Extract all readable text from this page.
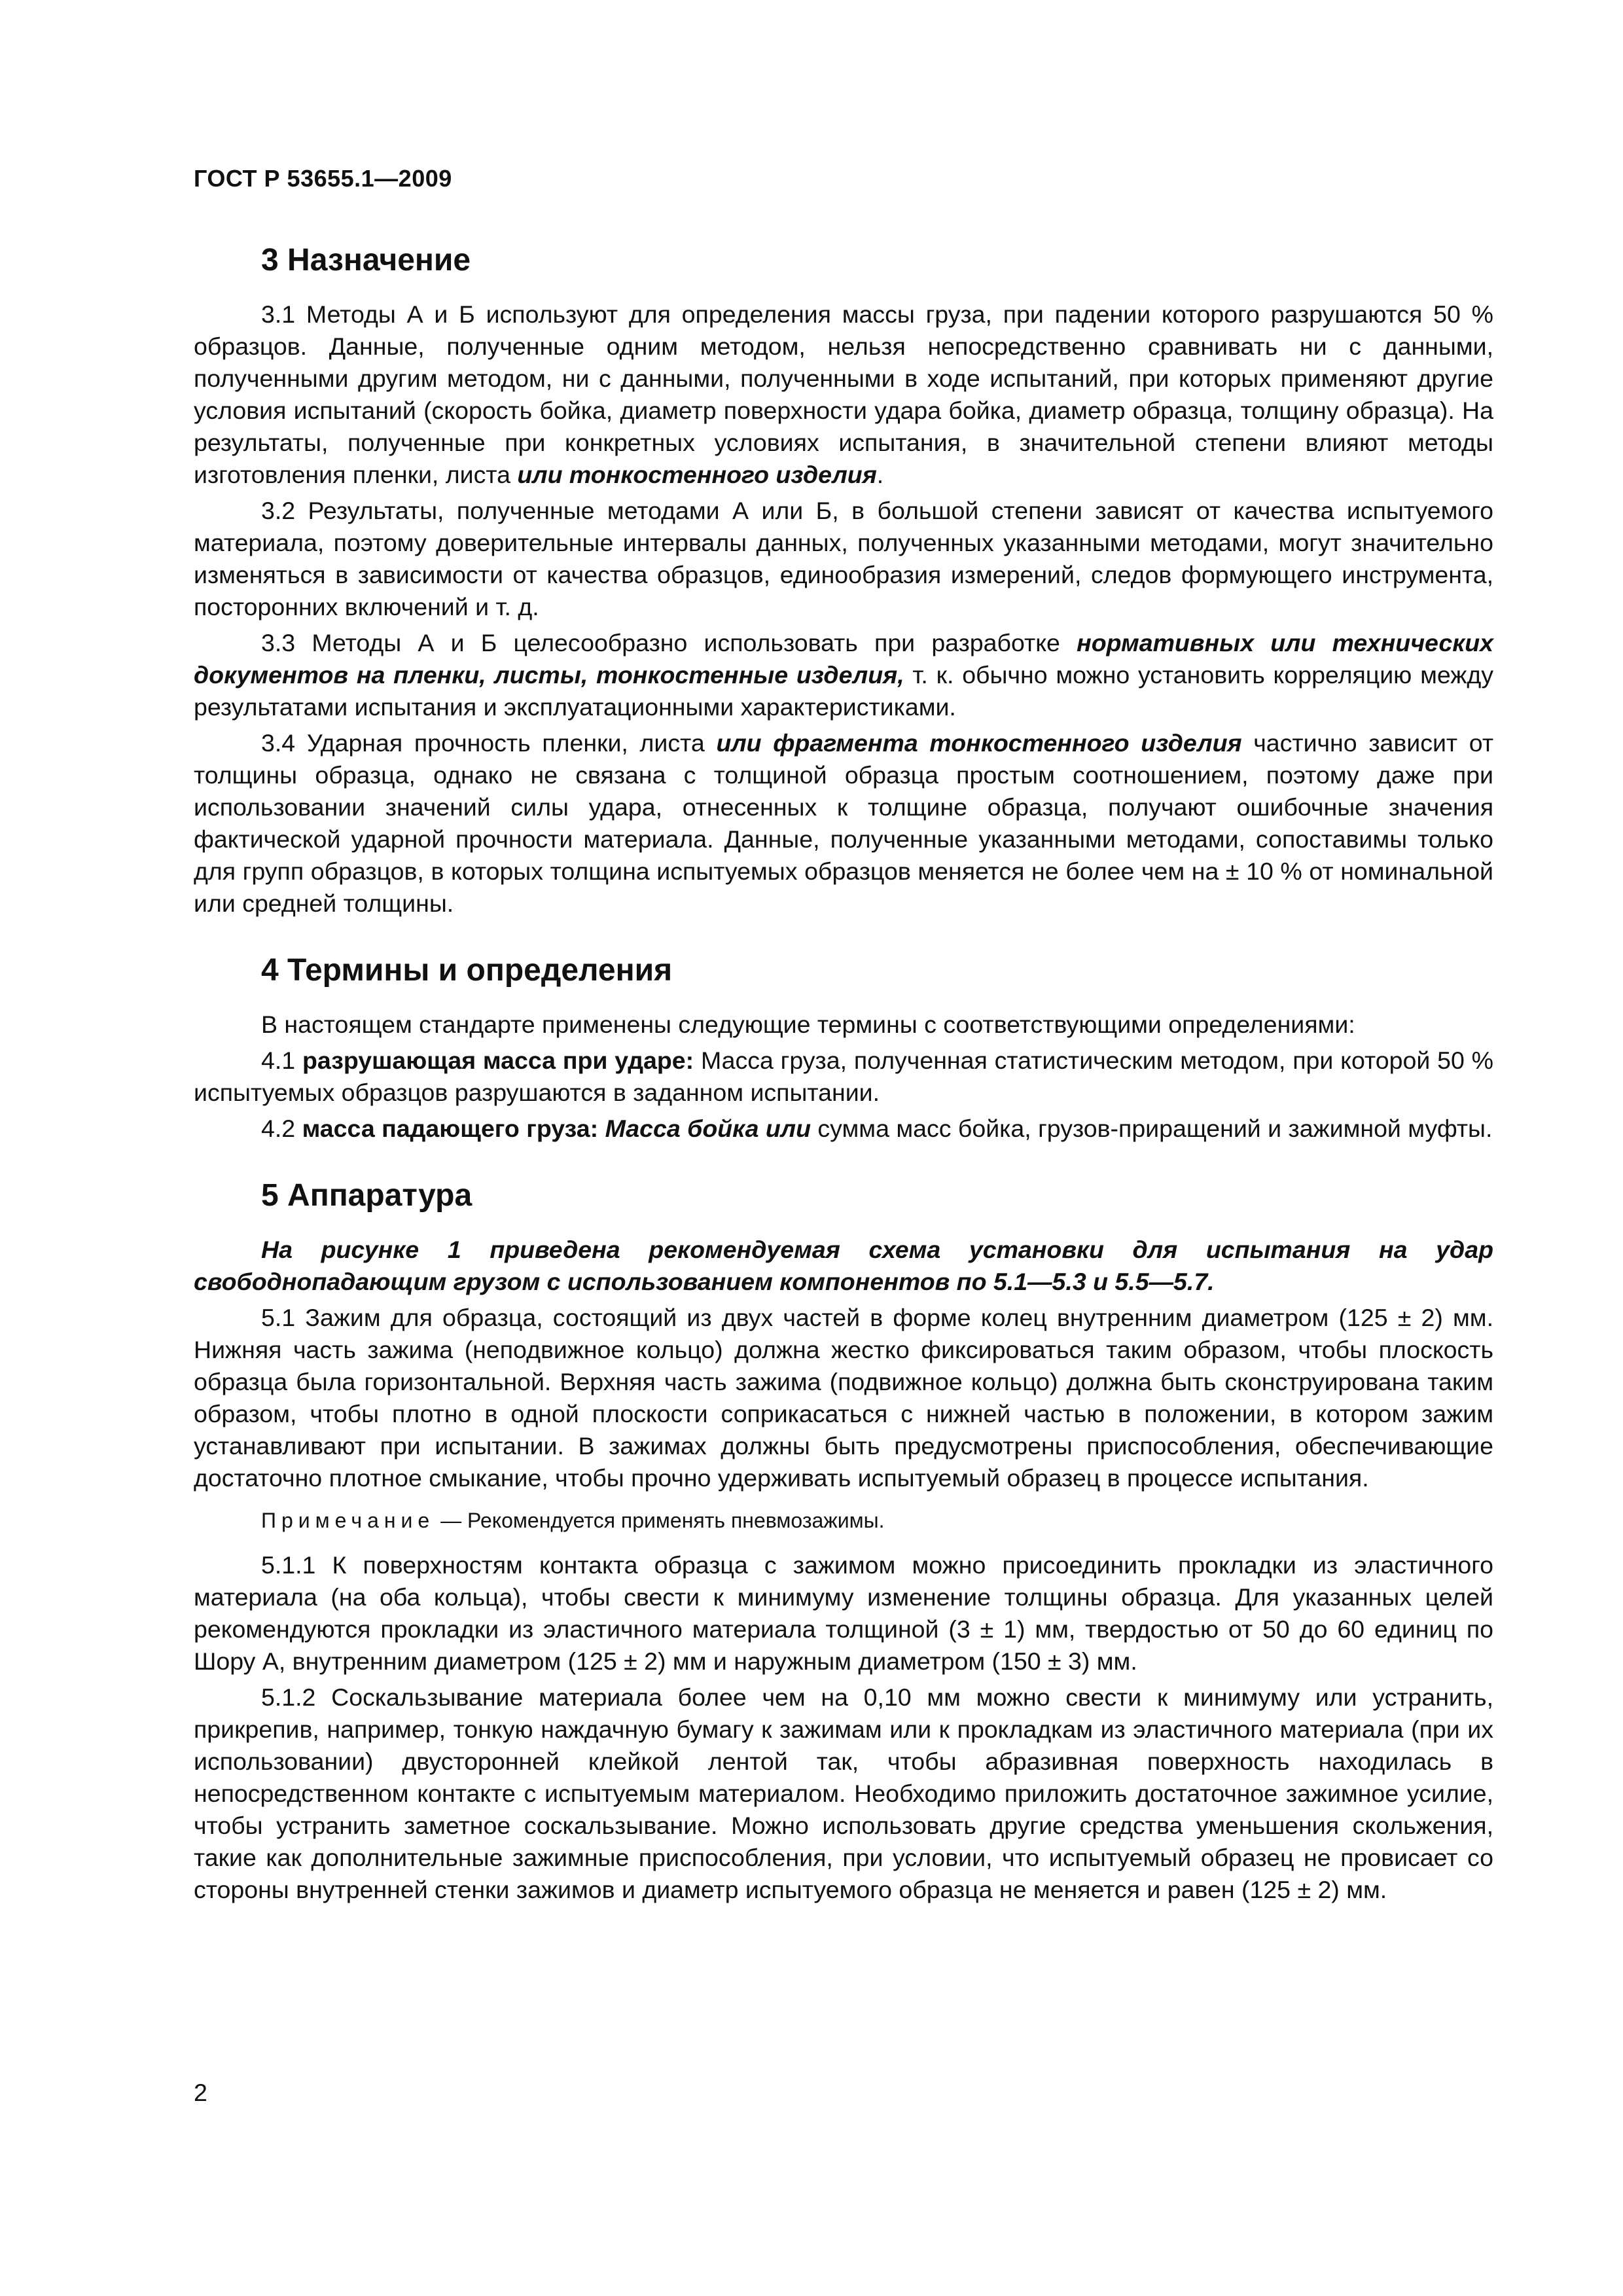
ГОСТ Р 53655.1—2009
3 Назначение

3.1 Методы А и Б используют для определения массы груза, при падении которого разрушаются 50 % образцов. Данные, полученные одним методом, нельзя непосредственно сравнивать ни с данными, полученными другим методом, ни с данными, полученными в ходе испытаний, при которых применяют другие условия испытаний (скорость бойка, диаметр поверхности удара бойка, диаметр образца, толщину образца). На результаты, полученные при конкретных условиях испытания, в значительной степени влияют методы изготовления пленки, листа или тонкостенного изделия.

3.2 Результаты, полученные методами А или Б, в большой степени зависят от качества испытуемого материала, поэтому доверительные интервалы данных, полученных указанными методами, могут значительно изменяться в зависимости от качества образцов, единообразия измерений, следов формующего инструмента, посторонних включений и т. д.

3.3 Методы А и Б целесообразно использовать при разработке нормативных или технических документов на пленки, листы, тонкостенные изделия, т. к. обычно можно установить корреляцию между результатами испытания и эксплуатационными характеристиками.

3.4 Ударная прочность пленки, листа или фрагмента тонкостенного изделия частично зависит от толщины образца, однако не связана с толщиной образца простым соотношением, поэтому даже при использовании значений силы удара, отнесенных к толщине образца, получают ошибочные значения фактической ударной прочности материала. Данные, полученные указанными методами, сопоставимы только для групп образцов, в которых толщина испытуемых образцов меняется не более чем на ± 10 % от номинальной или средней толщины.

4 Термины и определения

В настоящем стандарте применены следующие термины с соответствующими определениями:

4.1 разрушающая масса при ударе: Масса груза, полученная статистическим методом, при которой 50 % испытуемых образцов разрушаются в заданном испытании.

4.2 масса падающего груза: Масса бойка или сумма масс бойка, грузов-приращений и зажимной муфты.

5 Аппаратура

На рисунке 1 приведена рекомендуемая схема установки для испытания на удар свободнопадающим грузом с использованием компонентов по 5.1—5.3 и 5.5—5.7.

5.1 Зажим для образца, состоящий из двух частей в форме колец внутренним диаметром (125 ± 2) мм. Нижняя часть зажима (неподвижное кольцо) должна жестко фиксироваться таким образом, чтобы плоскость образца была горизонтальной. Верхняя часть зажима (подвижное кольцо) должна быть сконструирована таким образом, чтобы плотно в одной плоскости соприкасаться с нижней частью в положении, в котором зажим устанавливают при испытании. В зажимах должны быть предусмотрены приспособления, обеспечивающие достаточно плотное смыкание, чтобы прочно удерживать испытуемый образец в процессе испытания.

Примечание — Рекомендуется применять пневмозажимы.

5.1.1 К поверхностям контакта образца с зажимом можно присоединить прокладки из эластичного материала (на оба кольца), чтобы свести к минимуму изменение толщины образца. Для указанных целей рекомендуются прокладки из эластичного материала толщиной (3 ± 1) мм, твердостью от 50 до 60 единиц по Шору А, внутренним диаметром (125 ± 2) мм и наружным диаметром (150 ± 3) мм.

5.1.2 Соскальзывание материала более чем на 0,10 мм можно свести к минимуму или устранить, прикрепив, например, тонкую наждачную бумагу к зажимам или к прокладкам из эластичного материала (при их использовании) двусторонней клейкой лентой так, чтобы абразивная поверхность находилась в непосредственном контакте с испытуемым материалом. Необходимо приложить достаточное зажимное усилие, чтобы устранить заметное соскальзывание. Можно использовать другие средства уменьшения скольжения, такие как дополнительные зажимные приспособления, при условии, что испытуемый образец не провисает со стороны внутренней стенки зажимов и диаметр испытуемого образца не меняется и равен (125 ± 2) мм.

2
